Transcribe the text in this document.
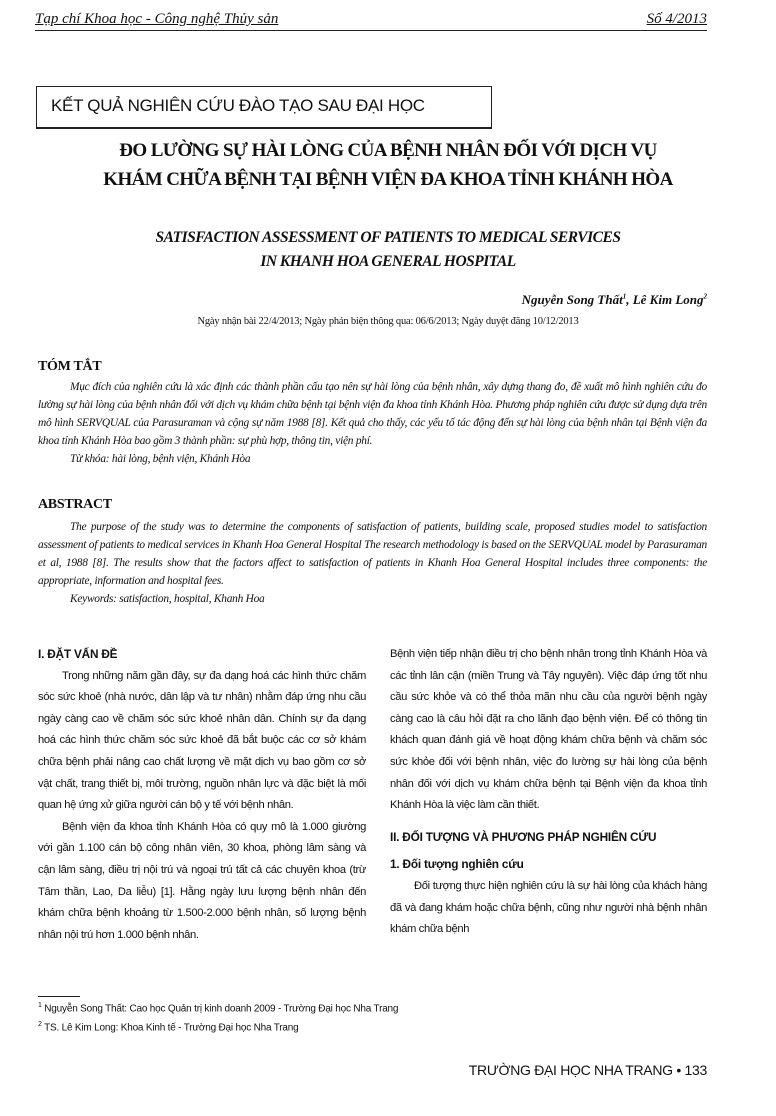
Tạp chí Khoa học - Công nghệ Thủy sản	Số 4/2013
KẾT QUẢ NGHIÊN CỨU ĐÀO TẠO SAU ĐẠI HỌC
ĐO LƯỜNG SỰ HÀI LÒNG CỦA BỆNH NHÂN ĐỐI VỚI DỊCH VỤ
KHÁM CHỮA BỆNH TẠI BỆNH VIỆN ĐA KHOA TỈNH KHÁNH HÒA
SATISFACTION ASSESSMENT OF PATIENTS TO MEDICAL SERVICES
IN KHANH HOA GENERAL HOSPITAL
Nguyễn Song Thất$^1$, Lê Kim Long$^2$
Ngày nhận bài 22/4/2013; Ngày phản biện thông qua: 06/6/2013; Ngày duyệt đăng 10/12/2013
TÓM TẮT

Mục đích của nghiên cứu là xác định các thành phần cấu tạo nên sự hài lòng của bệnh nhân, xây dựng thang đo, đề xuất mô hình nghiên cứu đo lường sự hài lòng của bệnh nhân đối với dịch vụ khám chữa bệnh tại bệnh viện đa khoa tỉnh Khánh Hòa. Phương pháp nghiên cứu được sử dụng dựa trên mô hình SERVQUAL của Parasuraman và cộng sự năm 1988 [8]. Kết quả cho thấy, các yếu tố tác động đến sự hài lòng của bệnh nhân tại Bệnh viện đa khoa tỉnh Khánh Hòa bao gồm 3 thành phần: sự phù hợp, thông tin, viện phí.

Từ khóa: hài lòng, bệnh viện, Khánh Hòa

ABSTRACT

The purpose of the study was to determine the components of satisfaction of patients, building scale, proposed studies model to satisfaction assessment of patients to medical services in Khanh Hoa General Hospital The research methodology is based on the SERVQUAL model by Parasuraman et al, 1988 [8]. The results show that the factors affect to satisfaction of patients in Khanh Hoa General Hospital includes three components: the appropriate, information and hospital fees.

Keywords: satisfaction, hospital, Khanh Hoa

I. ĐẶT VẤN ĐỀ

Trong những năm gần đây, sự đa dạng hoá các hình thức chăm sóc sức khoẻ (nhà nước, dân lập và tư nhân) nhằm đáp ứng nhu cầu ngày càng cao về chăm sóc sức khoẻ nhân dân. Chính sự đa dạng hoá các hình thức chăm sóc sức khoẻ đã bắt buộc các cơ sở khám chữa bệnh phải nâng cao chất lượng về mặt dịch vụ bao gồm cơ sở vật chất, trang thiết bị, môi trường, nguồn nhân lực và đặc biệt là mối quan hệ ứng xử giữa người cán bộ y tế với bệnh nhân.

Bệnh viện đa khoa tỉnh Khánh Hòa có quy mô là 1.000 giường với gần 1.100 cán bộ công nhân viên, 30 khoa, phòng lâm sàng và cận lâm sàng, điều trị nội trú và ngoại trú tất cả các chuyên khoa (trừ Tâm thần, Lao, Da liễu) [1]. Hằng ngày lưu lượng bệnh nhân đến khám chữa bệnh khoảng từ 1.500-2.000 bệnh nhân, số lượng bệnh nhân nội trú hơn 1.000 bệnh nhân.

Bệnh viện tiếp nhận điều trị cho bệnh nhân trong tỉnh Khánh Hòa và các tỉnh lân cận (miền Trung và Tây nguyên). Việc đáp ứng tốt nhu cầu sức khỏe và có thể thỏa mãn nhu cầu của người bệnh ngày càng cao là câu hỏi đặt ra cho lãnh đạo bệnh viện. Để có thông tin khách quan đánh giá về hoạt động khám chữa bệnh và chăm sóc sức khỏe đối với bệnh nhân, việc đo lường sự hài lòng của bệnh nhân đối với dịch vụ khám chữa bệnh tại Bệnh viện đa khoa tỉnh Khánh Hòa là việc làm cần thiết.

II. ĐỐI TƯỢNG VÀ PHƯƠNG PHÁP NGHIÊN CỨU
1. Đối tượng nghiên cứu

Đối tượng thực hiện nghiên cứu là sự hài lòng của khách hàng đã và đang khám hoặc chữa bệnh, cũng như người nhà bệnh nhân khám chữa bệnh

$^1$ Nguyễn Song Thất: Cao học Quản trị kinh doanh 2009 - Trường Đại học Nha Trang
$^2$ TS. Lê Kim Long: Khoa Kinh tế - Trường Đại học Nha Trang
TRƯỜNG ĐẠI HỌC NHA TRANG • 133
